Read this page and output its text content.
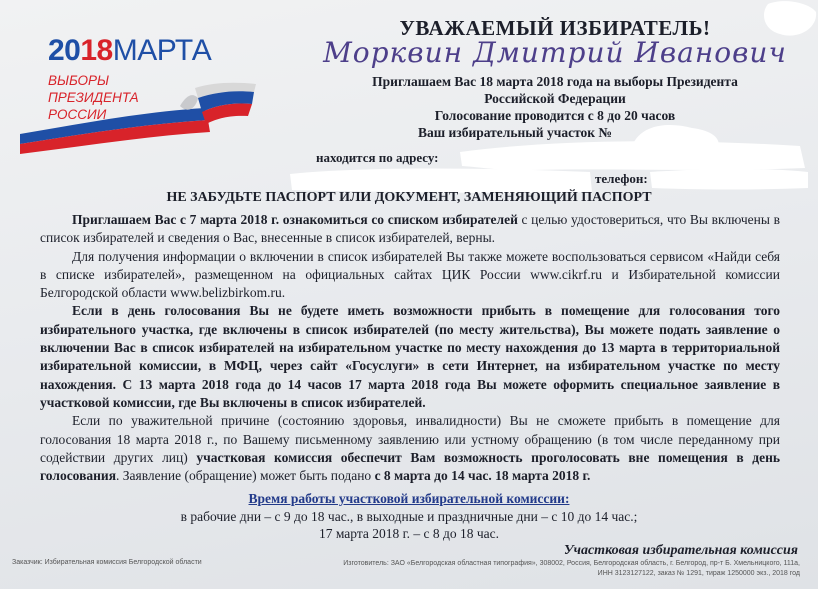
2018МАРТА
ВЫБОРЫ
ПРЕЗИДЕНТА
РОССИИ
УВАЖАЕМЫЙ ИЗБИРАТЕЛЬ!
Морквин Дмитрий Иванович
Приглашаем Вас 18 марта 2018 года на выборы Президента
Российской Федерации
Голосование проводится с 8 до 20 часов
Ваш избирательный участок №
находится по адресу:
телефон:
НЕ ЗАБУДЬТЕ ПАСПОРТ ИЛИ ДОКУМЕНТ, ЗАМЕНЯЮЩИЙ ПАСПОРТ

Приглашаем Вас с 7 марта 2018 г. ознакомиться со списком избирателей с целью удостовериться, что Вы включены в список избирателей и сведения о Вас, внесенные в список избирателей, верны.

Для получения информации о включении в список избирателей Вы также можете воспользоваться сервисом «Найди себя в списке избирателей», размещенном на официальных сайтах ЦИК России www.cikrf.ru и Избирательной комиссии Белгородской области www.belizbirkom.ru.

Если в день голосования Вы не будете иметь возможности прибыть в помещение для голосования того избирательного участка, где включены в список избирателей (по месту жительства), Вы можете подать заявление о включении Вас в список избирателей на избирательном участке по месту нахождения до 13 марта в территориальной избирательной комиссии, в МФЦ, через сайт «Госуслуги» в сети Интернет, на избирательном участке по месту нахождения. С 13 марта 2018 года до 14 часов 17 марта 2018 года Вы можете оформить специальное заявление в участковой комиссии, где Вы включены в список избирателей.

Если по уважительной причине (состоянию здоровья, инвалидности) Вы не сможете прибыть в помещение для голосования 18 марта 2018 г., по Вашему письменному заявлению или устному обращению (в том числе переданному при содействии других лиц) участковая комиссия обеспечит Вам возможность проголосовать вне помещения в день голосования. Заявление (обращение) может быть подано с 8 марта до 14 час. 18 марта 2018 г.

Время работы участковой избирательной комиссии:
в рабочие дни – с 9 до 18 час., в выходные и праздничные дни – с 10 до 14 час.;
17 марта 2018 г. – с 8 до 18 час.
Участковая избирательная комиссия
Заказчик: Избирательная комиссия Белгородской области	Изготовитель: ЗАО «Белгородская областная типография», 308002, Россия, Белгородская область, г. Белгород, пр-т Б. Хмельницкого, 111а,
ИНН 3123127122, заказ № 1291, тираж 1250000 экз., 2018 год
